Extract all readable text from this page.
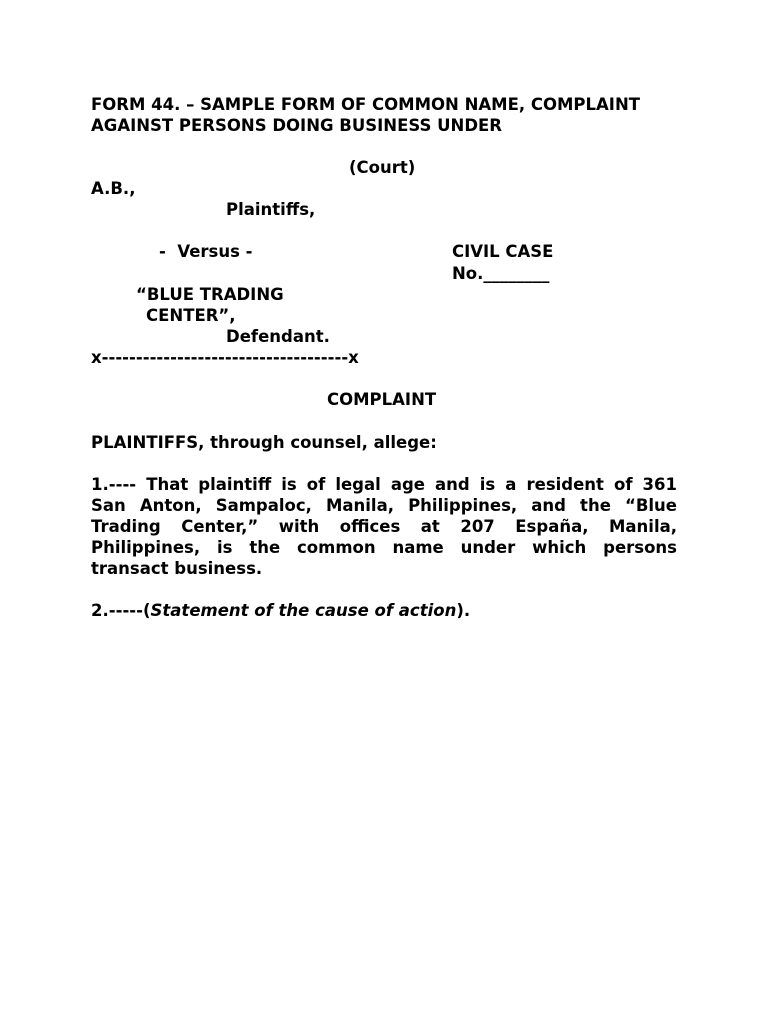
FORM 44. – SAMPLE FORM OF COMMON NAME, COMPLAINT
AGAINST PERSONS DOING BUSINESS UNDER
(Court)
A.B.,
Plaintiffs,
-  Versus -	CIVIL CASE
No.________
“BLUE TRADING
CENTER”,
Defendant.
x------------------------------------x
COMPLAINT
PLAINTIFFS, through counsel, allege:
1.---- That plaintiff is of legal age and is a resident of 361
San Anton, Sampaloc, Manila, Philippines, and the “Blue
Trading Center,” with offices at 207 España, Manila,
Philippines, is the common name under which persons
transact business.
2.-----(Statement of the cause of action).
